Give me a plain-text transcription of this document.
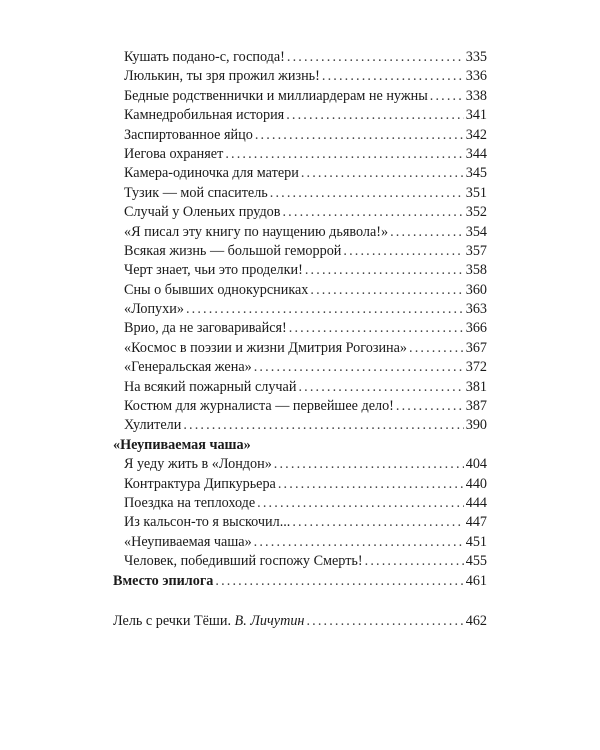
Кушать подано-с, господа! . . .	335
Люлькин, ты зря прожил жизнь! . . .	336
Бедные родственнички и миллиардерам не нужны . . .	338
Камнедробильная история . . .	341
Заспиртованное яйцо . . .	342
Иегова охраняет . . .	344
Камера-одиночка для матери . . .	345
Тузик — мой спаситель . . .	351
Случай у Оленьих прудов . . .	352
«Я писал эту книгу по наущению дьявола!» . . .	354
Всякая жизнь — большой геморрой . . .	357
Черт знает, чьи это проделки! . . .	358
Сны о бывших однокурсниках . . .	360
«Лопухи» . . .	363
Врио, да не заговаривайся! . . .	366
«Космос в поэзии и жизни Дмитрия Рогозина» . . .	367
«Генеральская жена» . . .	372
На всякий пожарный случай . . .	381
Костюм для журналиста — первейшее дело! . . .	387
Хулители . . .	390
«Неупиваемая чаша»
Я уеду жить в «Лондон» . . .	404
Контрактура Дипкурьера . . .	440
Поездка на теплоходе . . .	444
Из кальсон-то я выскочил... . . .	447
«Неупиваемая чаша» . . .	451
Человек, победивший госпожу Смерть! . . .	455
Вместо эпилога . . .	461
Лель с речки Тёши. В. Личутин . . .	462
